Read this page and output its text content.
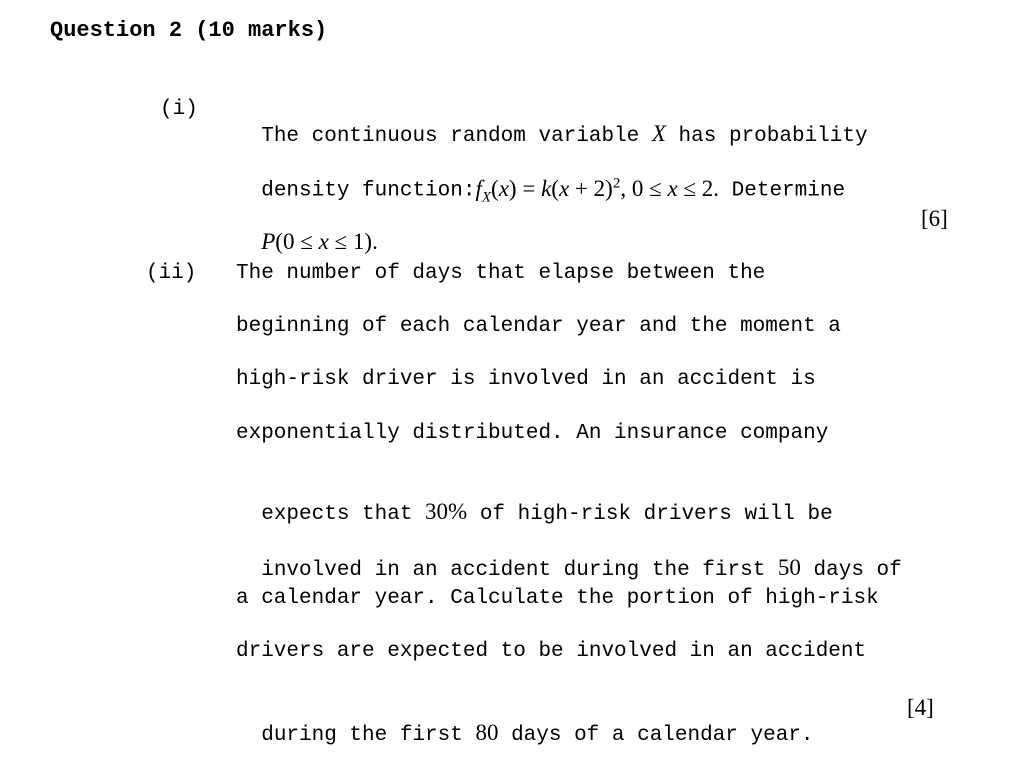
Question 2 (10 marks)
(i)

The continuous random variable X has probability

density $function:f_X(x) = k(x + 2)^2$, 0 ≤ x ≤ 2. Determine

P(0 ≤ x ≤ 1).

[6]
(ii) The number of days that elapse between the
beginning of each calendar year and the moment a
high-risk driver is involved in an accident is
exponentially distributed. An insurance company

expects that 30% of high-risk drivers will be

involved in an accident during the first 50 days of

a calendar year. Calculate the portion of high-risk
drivers are expected to be involved in an accident

during the first 80 days of a calendar year.

[4]
